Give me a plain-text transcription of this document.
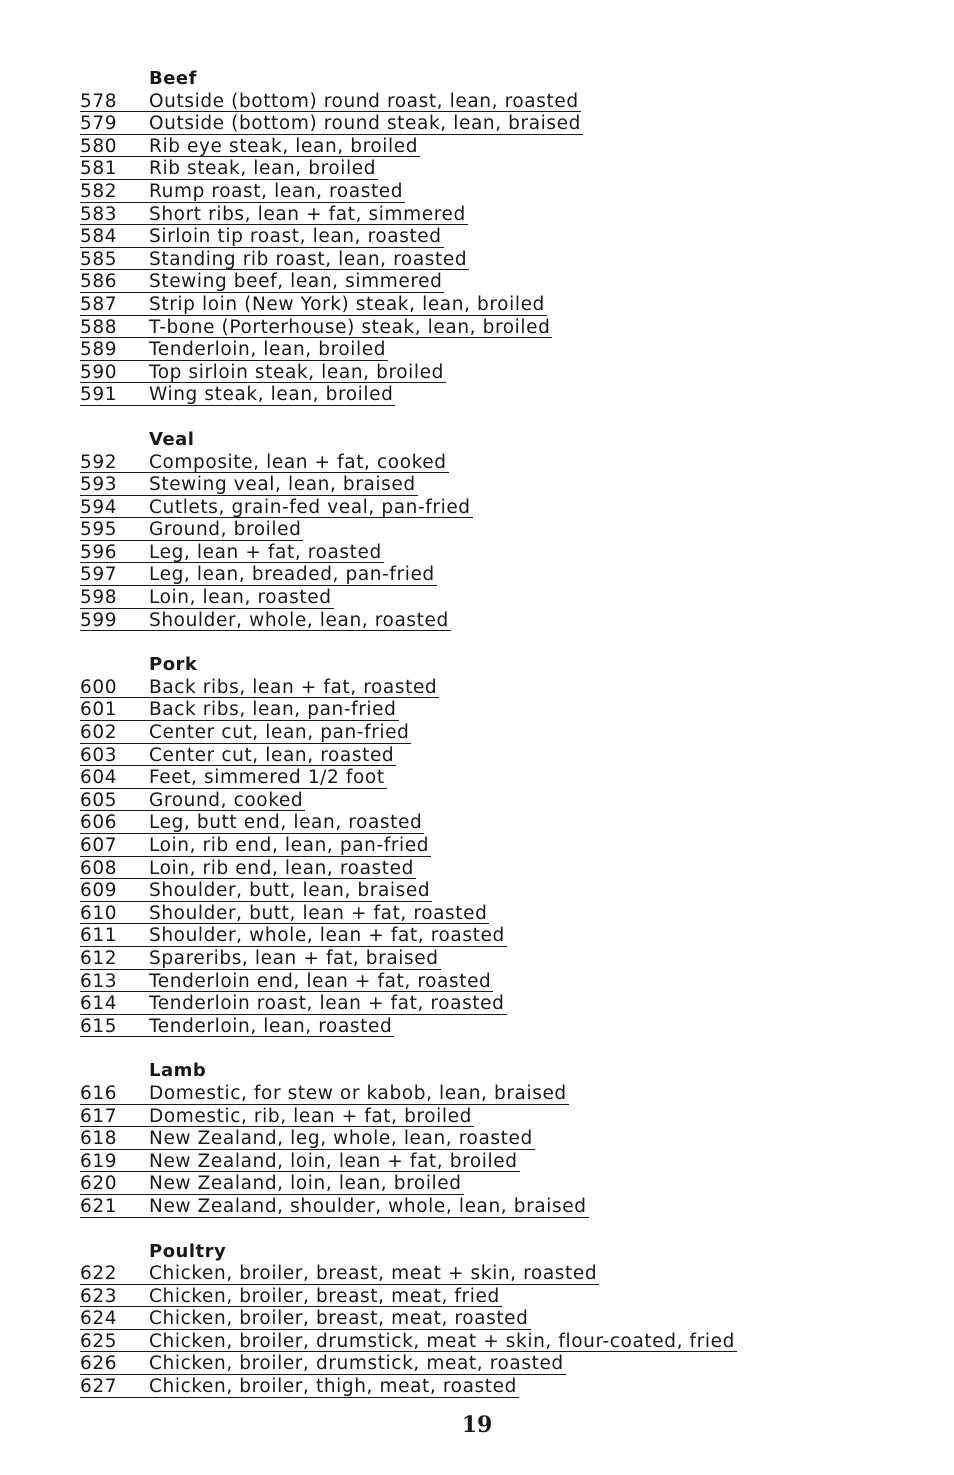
Beef
578 Outside (bottom) round roast, lean, roasted
579 Outside (bottom) round steak, lean, braised
580 Rib eye steak, lean, broiled
581 Rib steak, lean, broiled
582 Rump roast, lean, roasted
583 Short ribs, lean + fat, simmered
584 Sirloin tip roast, lean, roasted
585 Standing rib roast, lean, roasted
586 Stewing beef, lean, simmered
587 Strip loin (New York) steak, lean, broiled
588 T-bone (Porterhouse) steak, lean, broiled
589 Tenderloin, lean, broiled
590 Top sirloin steak, lean, broiled
591 Wing steak, lean, broiled
Veal
592 Composite, lean + fat, cooked
593 Stewing veal, lean, braised
594 Cutlets, grain-fed veal, pan-fried
595 Ground, broiled
596 Leg, lean + fat, roasted
597 Leg, lean, breaded, pan-fried
598 Loin, lean, roasted
599 Shoulder, whole, lean, roasted
Pork
600 Back ribs, lean + fat, roasted
601 Back ribs, lean, pan-fried
602 Center cut, lean, pan-fried
603 Center cut, lean, roasted
604 Feet, simmered 1/2 foot
605 Ground, cooked
606 Leg, butt end, lean, roasted
607 Loin, rib end, lean, pan-fried
608 Loin, rib end, lean, roasted
609 Shoulder, butt, lean, braised
610 Shoulder, butt, lean + fat, roasted
611 Shoulder, whole, lean + fat, roasted
612 Spareribs, lean + fat, braised
613 Tenderloin end, lean + fat, roasted
614 Tenderloin roast, lean + fat, roasted
615 Tenderloin, lean, roasted
Lamb
616 Domestic, for stew or kabob, lean, braised
617 Domestic, rib, lean + fat, broiled
618 New Zealand, leg, whole, lean, roasted
619 New Zealand, loin, lean + fat, broiled
620 New Zealand, loin, lean, broiled
621 New Zealand, shoulder, whole, lean, braised
Poultry
622 Chicken, broiler, breast, meat + skin, roasted
623 Chicken, broiler, breast, meat, fried
624 Chicken, broiler, breast, meat, roasted
625 Chicken, broiler, drumstick, meat + skin, flour-coated, fried
626 Chicken, broiler, drumstick, meat, roasted
627 Chicken, broiler, thigh, meat, roasted
19
